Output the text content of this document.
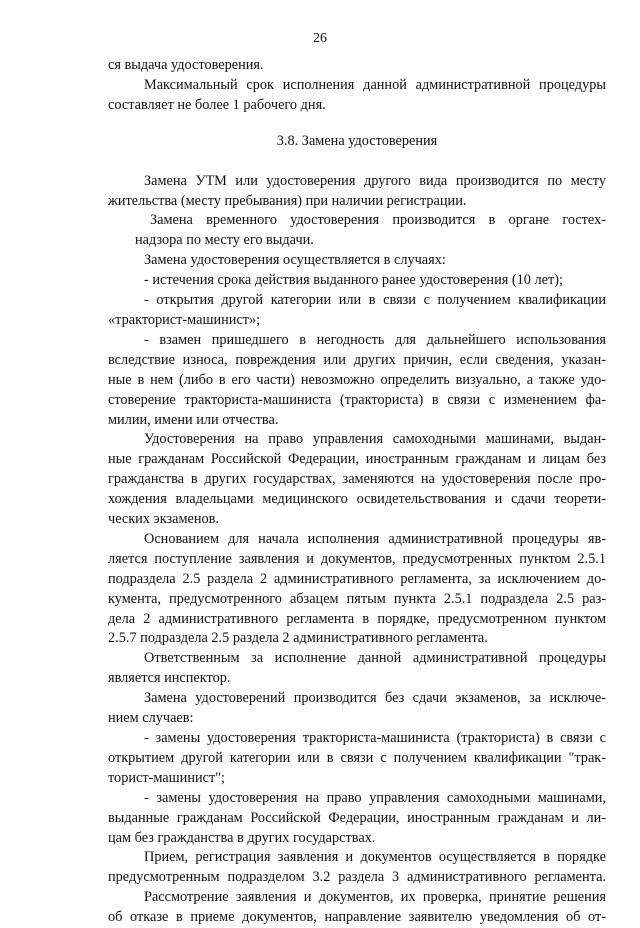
26
ся выдача удостоверения.
Максимальный срок исполнения данной административной процедуры
составляет не более 1 рабочего дня.
3.8. Замена удостоверения
Замена УТМ или удостоверения другого вида производится по месту
жительства (месту пребывания) при наличии регистрации.
Замена временного удостоверения производится в органе гостех-
надзора по месту его выдачи.
Замена удостоверения осуществляется в случаях:
- истечения срока действия выданного ранее удостоверения (10 лет);
- открытия другой категории или в связи с получением квалификации
«тракторист-машинист»;
- взамен пришедшего в негодность для дальнейшего использования
вследствие износа, повреждения или других причин, если сведения, указан-
ные в нем (либо в его части) невозможно определить визуально, а также удо-
стоверение тракториста-машиниста (тракториста) в связи с изменением фа-
милии, имени или отчества.
Удостоверения на право управления самоходными машинами, выдан-
ные гражданам Российской Федерации, иностранным гражданам и лицам без
гражданства в других государствах, заменяются на удостоверения после про-
хождения владельцами медицинского освидетельствования и сдачи теорети-
ческих экзаменов.
Основанием для начала исполнения административной процедуры яв-
ляется поступление заявления и документов, предусмотренных пунктом 2.5.1
подраздела 2.5 раздела 2 административного регламента, за исключением до-
кумента, предусмотренного абзацем пятым пункта 2.5.1 подраздела 2.5 раз-
дела 2 административного регламента в порядке, предусмотренном пунктом
2.5.7 подраздела 2.5 раздела 2 административного регламента.
Ответственным за исполнение данной административной процедуры
является инспектор.
Замена удостоверений производится без сдачи экзаменов, за исключе-
нием случаев:
- замены удостоверения тракториста-машиниста (тракториста) в связи с
открытием другой категории или в связи с получением квалификации "трак-
торист-машинист";
- замены удостоверения на право управления самоходными машинами,
выданные гражданам Российской Федерации, иностранным гражданам и ли-
цам без гражданства в других государствах.
Прием, регистрация заявления и документов осуществляется в порядке
предусмотренным подразделом 3.2 раздела 3 административного регламента.
Рассмотрение заявления и документов, их проверка, принятие решения
об отказе в приеме документов, направление заявителю уведомления об от-
